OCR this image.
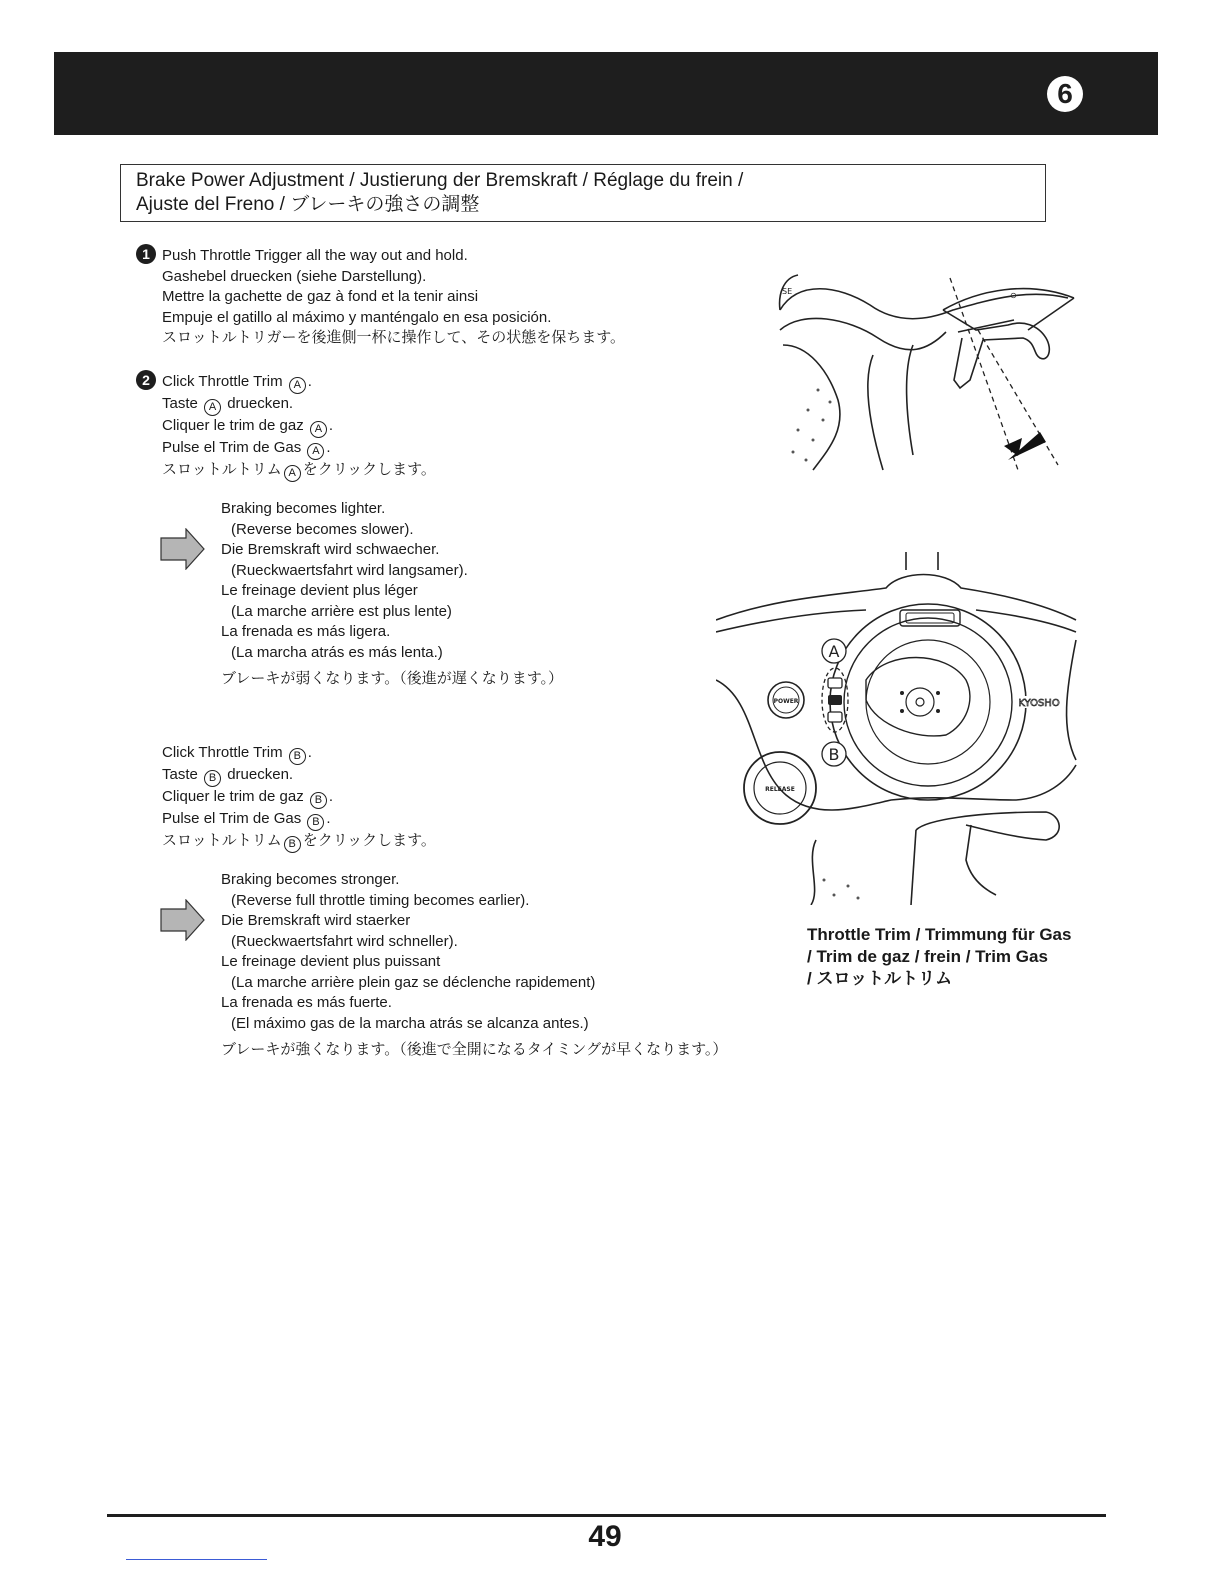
6
Brake Power Adjustment / Justierung der Bremskraft / Réglage du frein /
Ajuste del Freno / ブレーキの強さの調整
1 Push Throttle Trigger all the way out and hold.
Gashebel druecken (siehe Darstellung).
Mettre la gachette de gaz à fond et la tenir ainsi
Empuje el gatillo al máximo y manténgalo en esa posición.
スロットルトリガーを後進側一杯に操作して、その状態を保ちます。
2 Click Throttle Trim A .
Taste A druecken.
Cliquer le trim de gaz A .
Pulse el Trim de Gas A .
スロットルトリム A をクリックします。
Braking becomes lighter.
(Reverse becomes slower).
Die Bremskraft wird schwaecher.
(Rueckwaertsfahrt wird langsamer).
Le freinage devient plus léger
(La marche arrière est plus lente)
La frenada es más ligera.
(La marcha atrás es más lenta.)
ブレーキが弱くなります。（後進が遅くなります。）
Click Throttle Trim B .
Taste B druecken.
Cliquer le trim de gaz B .
Pulse el Trim de Gas B .
スロットルトリム B をクリックします。
Braking becomes stronger.
(Reverse full throttle timing becomes earlier).
Die Bremskraft wird staerker
(Rueckwaertsfahrt wird schneller).
Le freinage devient plus puissant
(La marche arrière plein gaz se déclenche rapidement)
La frenada es más fuerte.
(El máximo gas de la marcha atrás se alcanza antes.)
ブレーキが強くなります。（後進で全開になるタイミングが早くなります。）
SE	⊙
A
B
POWER
RELEASE
KYOSHO
Throttle Trim / Trimmung für Gas
/ Trim de gaz / frein / Trim Gas
/ スロットルトリム
49
